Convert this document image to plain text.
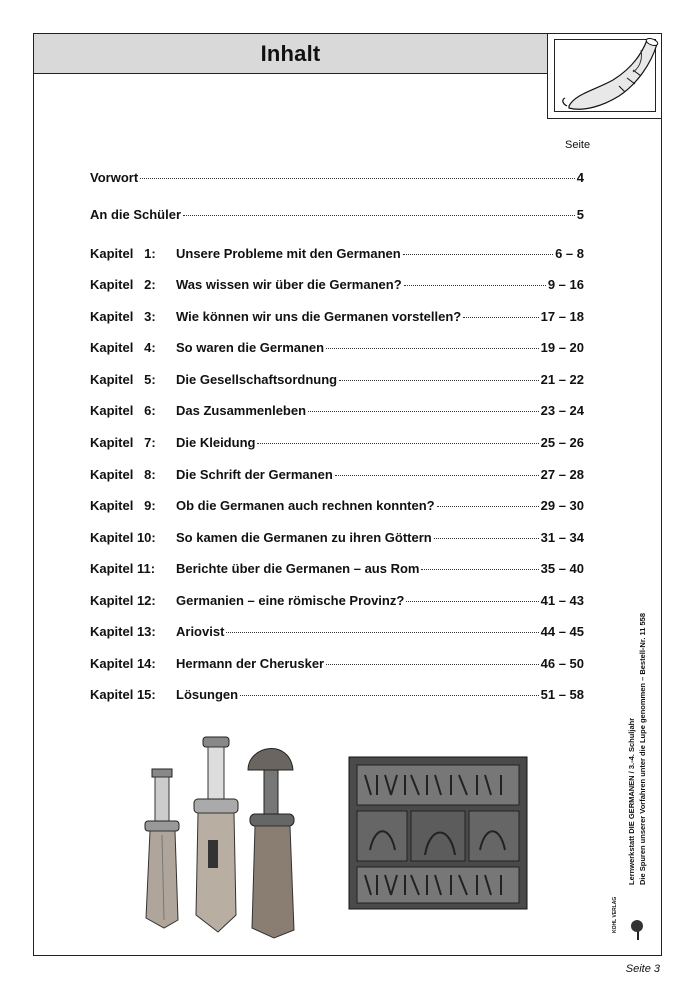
Inhalt
Seite
Vorwort	4
An die Schüler	5
Kapitel   1:	Unsere Probleme mit den Germanen	6 – 8
Kapitel   2:	Was wissen wir über die Germanen?	9 – 16
Kapitel   3:	Wie können wir uns die Germanen vorstellen?	17 – 18
Kapitel   4:	So waren die Germanen	19 – 20
Kapitel   5:	Die Gesellschaftsordnung	21 – 22
Kapitel   6:	Das Zusammenleben	23 – 24
Kapitel   7:	Die Kleidung	25 – 26
Kapitel   8:	Die Schrift der Germanen	27 – 28
Kapitel   9:	Ob die Germanen auch rechnen konnten?	29 – 30
Kapitel 10:	So kamen die Germanen zu ihren Göttern	31 – 34
Kapitel 11:	Berichte über die Germanen – aus Rom	35 – 40
Kapitel 12:	Germanien – eine römische Provinz?	41 – 43
Kapitel 13:	Ariovist	44 – 45
Kapitel 14:	Hermann der Cherusker	46 – 50
Kapitel 15:	Lösungen	51 – 58
Lernwerkstatt DIE GERMANEN / 3.-4. Schuljahr Die Spuren unserer Vorfahren unter die Lupe genommen – Bestell-Nr. 11 558
KOHL VERLAG
Seite 3
